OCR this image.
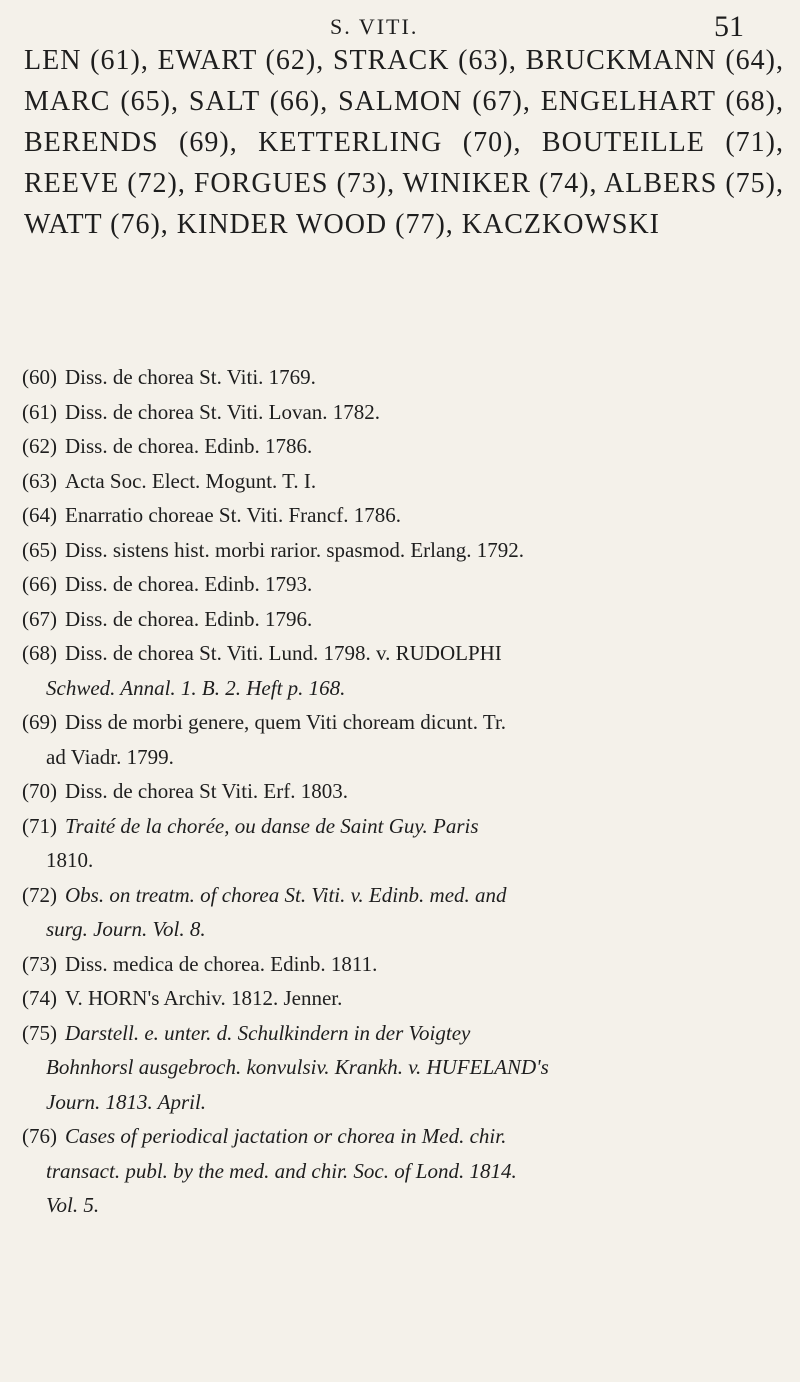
S. VITI.	51
LEN (61), EWART (62), STRACK (63), BRUCKMANN (64), MARC (65), SALT (66), SALMON (67), ENGELHART (68), BERENDS (69), KETTERLING (70), BOUTEILLE (71), REEVE (72), FORGUES (73), WINIKER (74), ALBERS (75), WATT (76), KINDER WOOD (77), KACZKOWSKI

(60) Diss. de chorea St. Viti. 1769.

(61) Diss. de chorea St. Viti. Lovan. 1782.

(62) Diss. de chorea. Edinb. 1786.

(63) Acta Soc. Elect. Mogunt. T. I.

(64) Enarratio choreae St. Viti. Francf. 1786.

(65) Diss. sistens hist. morbi rarior. spasmod. Erlang. 1792.

(66) Diss. de chorea. Edinb. 1793.

(67) Diss. de chorea. Edinb. 1796.

(68) Diss. de chorea St. Viti. Lund. 1798. v. RUDOLPHI
Schwed. Annal. 1. B. 2. Heft p. 168.

(69) Diss de morbi genere, quem Viti choream dicunt. Tr.
ad Viadr. 1799.

(70) Diss. de chorea St Viti. Erf. 1803.

(71) Traité de la chorée, ou danse de Saint Guy. Paris
1810.

(72) Obs. on treatm. of chorea St. Viti. v. Edinb. med. and
surg. Journ. Vol. 8.

(73) Diss. medica de chorea. Edinb. 1811.

(74) V. HORN's Archiv. 1812. Jenner.

(75) Darstell. e. unter. d. Schulkindern in der Voigtey
Bohnhorsl ausgebroch. konvulsiv. Krankh. v. HUFELAND's
Journ. 1813. April.

(76) Cases of periodical jactation or chorea in Med. chir.
transact. publ. by the med. and chir. Soc. of Lond. 1814.
Vol. 5.
